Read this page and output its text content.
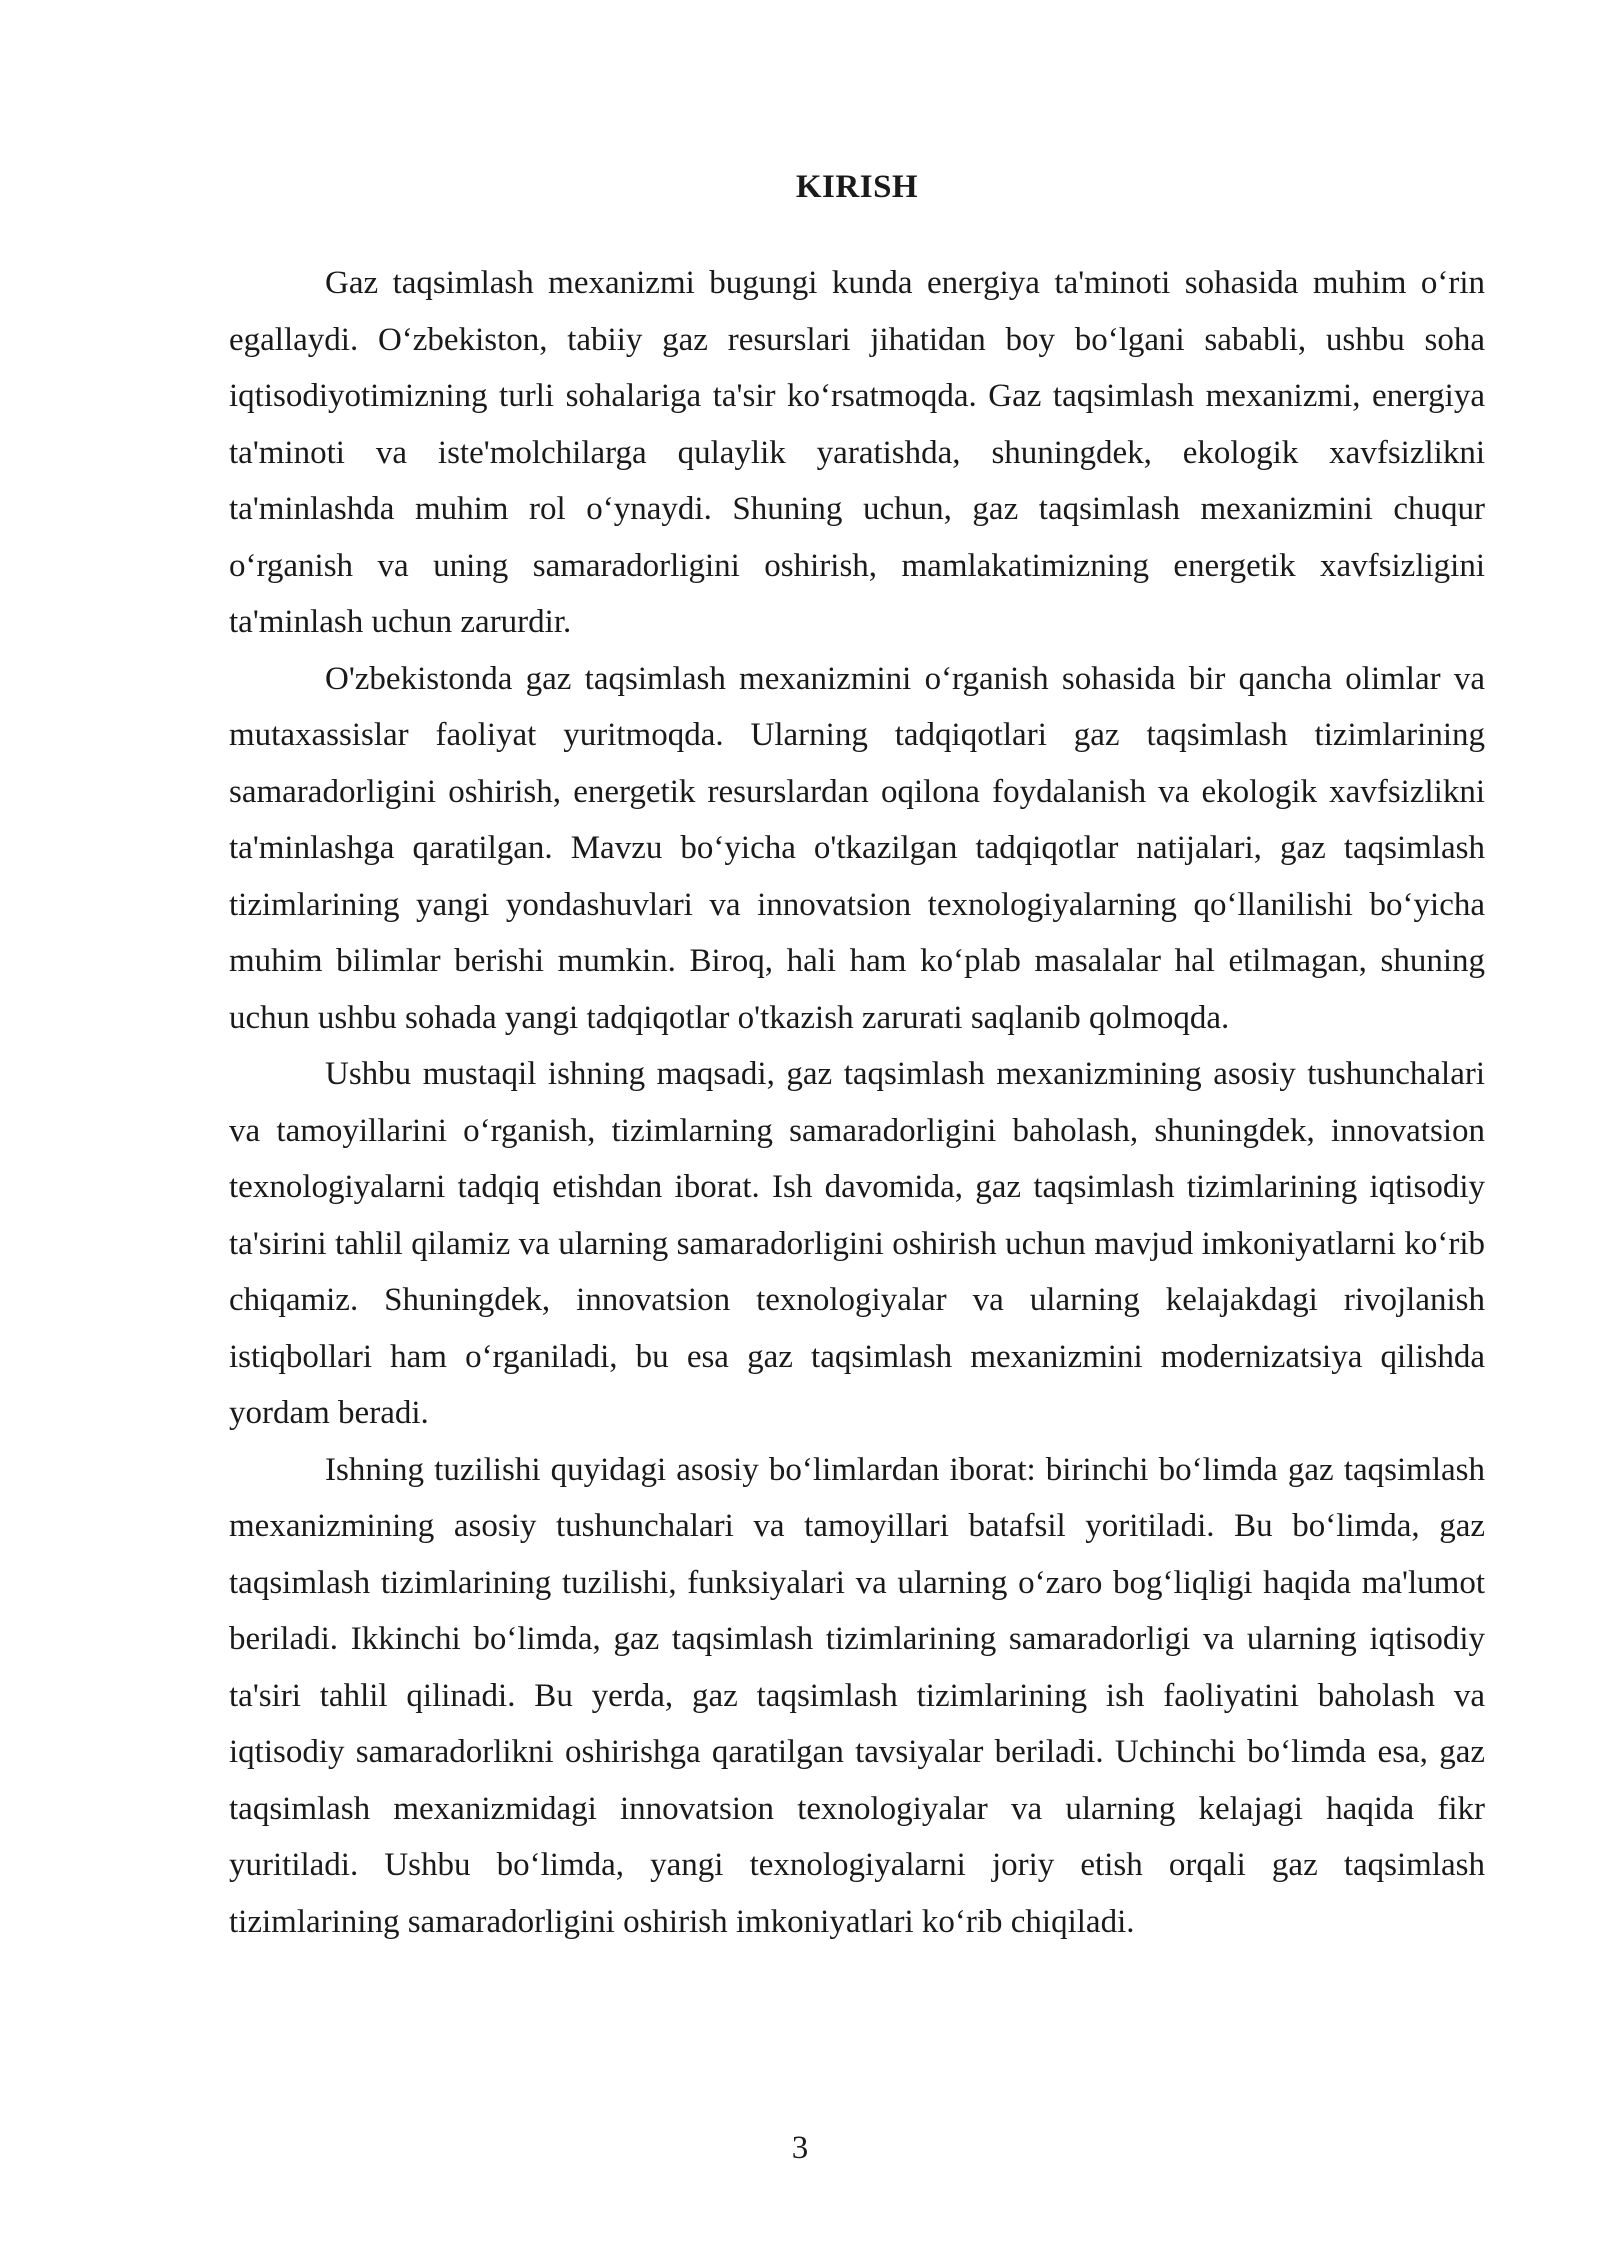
KIRISH

Gaz taqsimlash mexanizmi bugungi kunda energiya ta'minoti sohasida muhim o‘rin egallaydi. O‘zbekiston, tabiiy gaz resurslari jihatidan boy bo‘lgani sababli, ushbu soha iqtisodiyotimizning turli sohalariga ta'sir ko‘rsatmoqda. Gaz taqsimlash mexanizmi, energiya ta'minoti va iste'molchilarga qulaylik yaratishda, shuningdek, ekologik xavfsizlikni ta'minlashda muhim rol o‘ynaydi. Shuning uchun, gaz taqsimlash mexanizmini chuqur o‘rganish va uning samaradorligini oshirish, mamlakatimizning energetik xavfsizligini ta'minlash uchun zarurdir.

O'zbekistonda gaz taqsimlash mexanizmini o‘rganish sohasida bir qancha olimlar va mutaxassislar faoliyat yuritmoqda. Ularning tadqiqotlari gaz taqsimlash tizimlarining samaradorligini oshirish, energetik resurslardan oqilona foydalanish va ekologik xavfsizlikni ta'minlashga qaratilgan. Mavzu bo‘yicha o'tkazilgan tadqiqotlar natijalari, gaz taqsimlash tizimlarining yangi yondashuvlari va innovatsion texnologiyalarning qo‘llanilishi bo‘yicha muhim bilimlar berishi mumkin. Biroq, hali ham ko‘plab masalalar hal etilmagan, shuning uchun ushbu sohada yangi tadqiqotlar o'tkazish zarurati saqlanib qolmoqda.

Ushbu mustaqil ishning maqsadi, gaz taqsimlash mexanizmining asosiy tushunchalari va tamoyillarini o‘rganish, tizimlarning samaradorligini baholash, shuningdek, innovatsion texnologiyalarni tadqiq etishdan iborat. Ish davomida, gaz taqsimlash tizimlarining iqtisodiy ta'sirini tahlil qilamiz va ularning samaradorligini oshirish uchun mavjud imkoniyatlarni ko‘rib chiqamiz. Shuningdek, innovatsion texnologiyalar va ularning kelajakdagi rivojlanish istiqbollari ham o‘rganiladi, bu esa gaz taqsimlash mexanizmini modernizatsiya qilishda yordam beradi.

Ishning tuzilishi quyidagi asosiy bo‘limlardan iborat: birinchi bo‘limda gaz taqsimlash mexanizmining asosiy tushunchalari va tamoyillari batafsil yoritiladi. Bu bo‘limda, gaz taqsimlash tizimlarining tuzilishi, funksiyalari va ularning o‘zaro bog‘liqligi haqida ma'lumot beriladi. Ikkinchi bo‘limda, gaz taqsimlash tizimlarining samaradorligi va ularning iqtisodiy ta'siri tahlil qilinadi. Bu yerda, gaz taqsimlash tizimlarining ish faoliyatini baholash va iqtisodiy samaradorlikni oshirishga qaratilgan tavsiyalar beriladi. Uchinchi bo‘limda esa, gaz taqsimlash mexanizmidagi innovatsion texnologiyalar va ularning kelajagi haqida fikr yuritiladi. Ushbu bo‘limda, yangi texnologiyalarni joriy etish orqali gaz taqsimlash tizimlarining samaradorligini oshirish imkoniyatlari ko‘rib chiqiladi.

3
